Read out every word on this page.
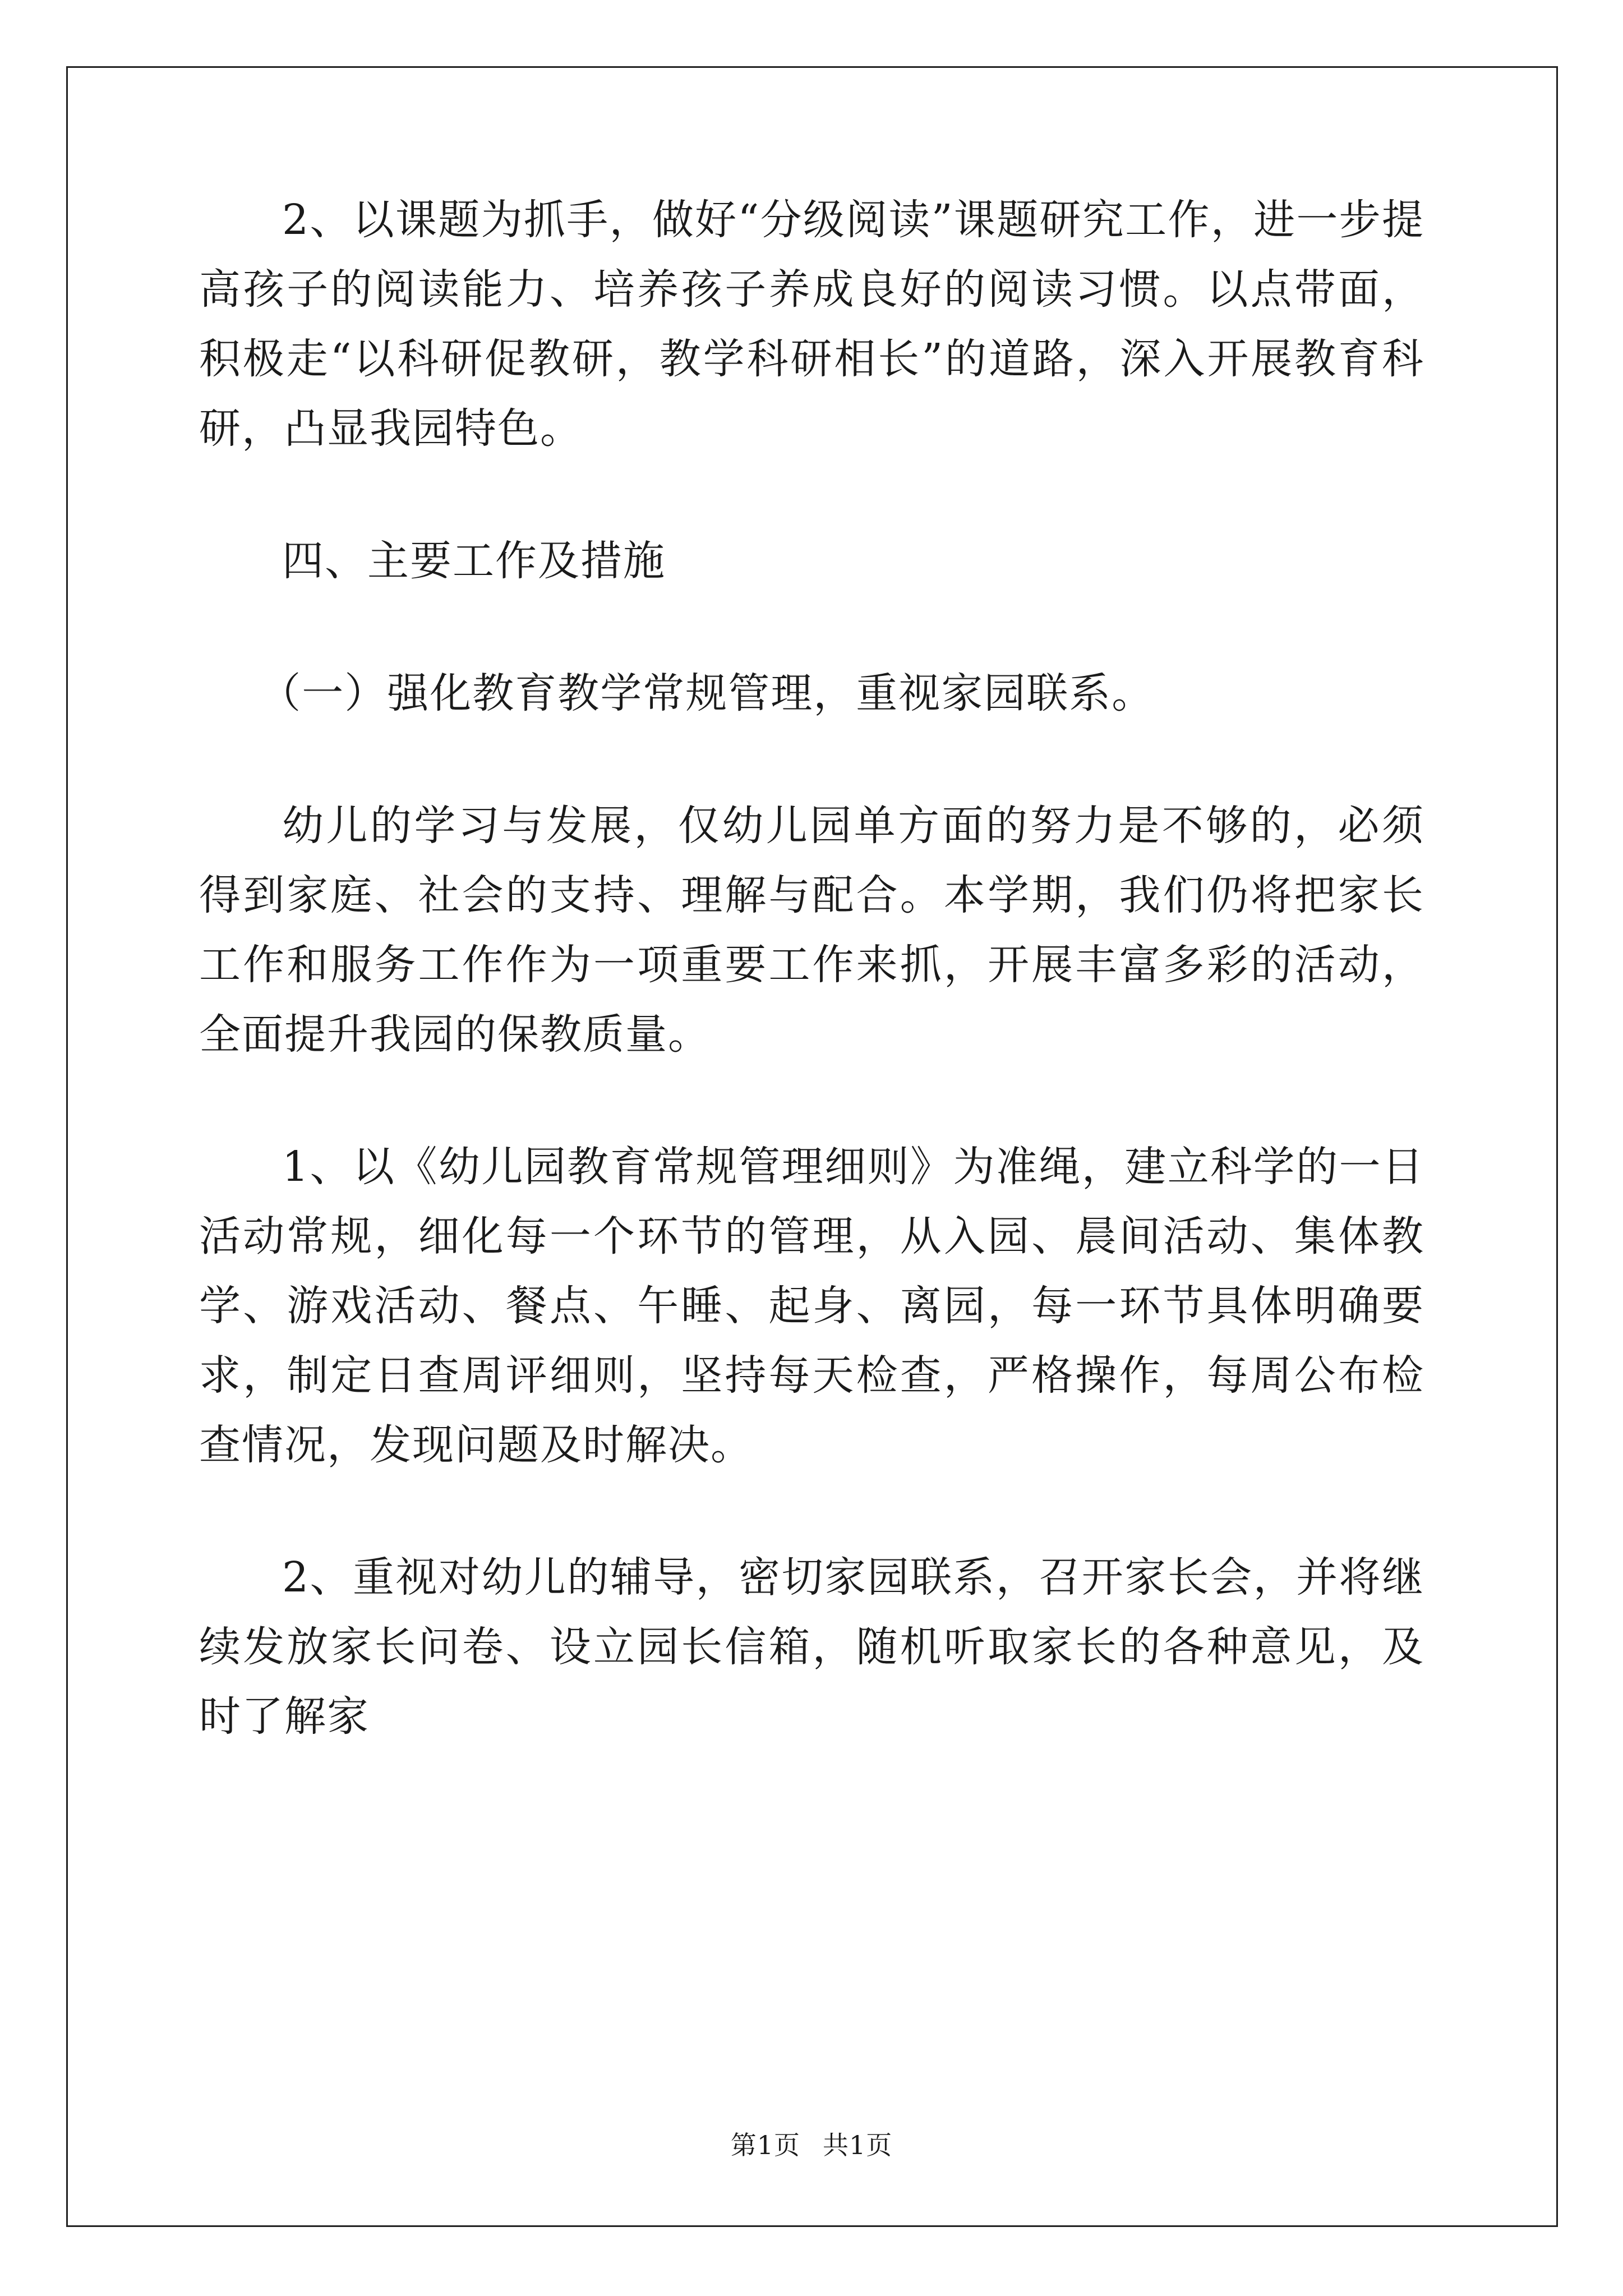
2、以课题为抓手，做好“分级阅读”课题研究工作，进一步提高孩子的阅读能力、培养孩子养成良好的阅读习惯。以点带面，积极走“以科研促教研，教学科研相长”的道路，深入开展教育科研，凸显我园特色。

四、主要工作及措施

（一）强化教育教学常规管理，重视家园联系。

幼儿的学习与发展，仅幼儿园单方面的努力是不够的，必须得到家庭、社会的支持、理解与配合。本学期，我们仍将把家长工作和服务工作作为一项重要工作来抓，开展丰富多彩的活动，全面提升我园的保教质量。

1、以《幼儿园教育常规管理细则》为准绳，建立科学的一日活动常规，细化每一个环节的管理，从入园、晨间活动、集体教学、游戏活动、餐点、午睡、起身、离园，每一环节具体明确要求，制定日查周评细则，坚持每天检查，严格操作，每周公布检查情况，发现问题及时解决。

2、重视对幼儿的辅导，密切家园联系，召开家长会，并将继续发放家长问卷、设立园长信箱，随机听取家长的各种意见，及时了解家

第1页 共1页
